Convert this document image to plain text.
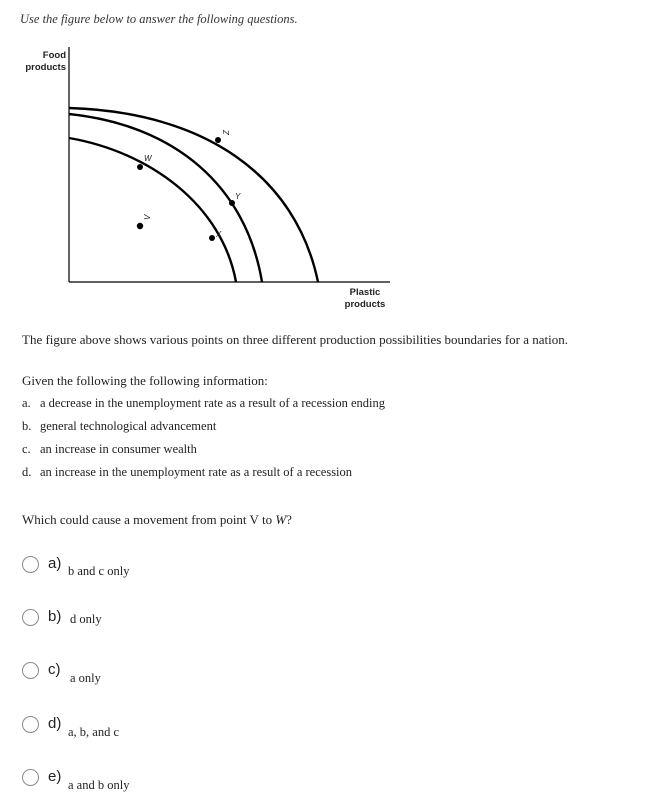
Use the figure below to answer the following questions.
Food
products
Plastic
products
W
Z
V
Y
X
The figure above shows various points on three different production possibilities boundaries for a nation.
Given the following the following information:
a. a decrease in the unemployment rate as a result of a recession ending
b. general technological advancement
c. an increase in consumer wealth
d. an increase in the unemployment rate as a result of a recession
Which could cause a movement from point V to W?
a) b and c only
b) d only
c) a only
d) a, b, and c
e) a and b only
